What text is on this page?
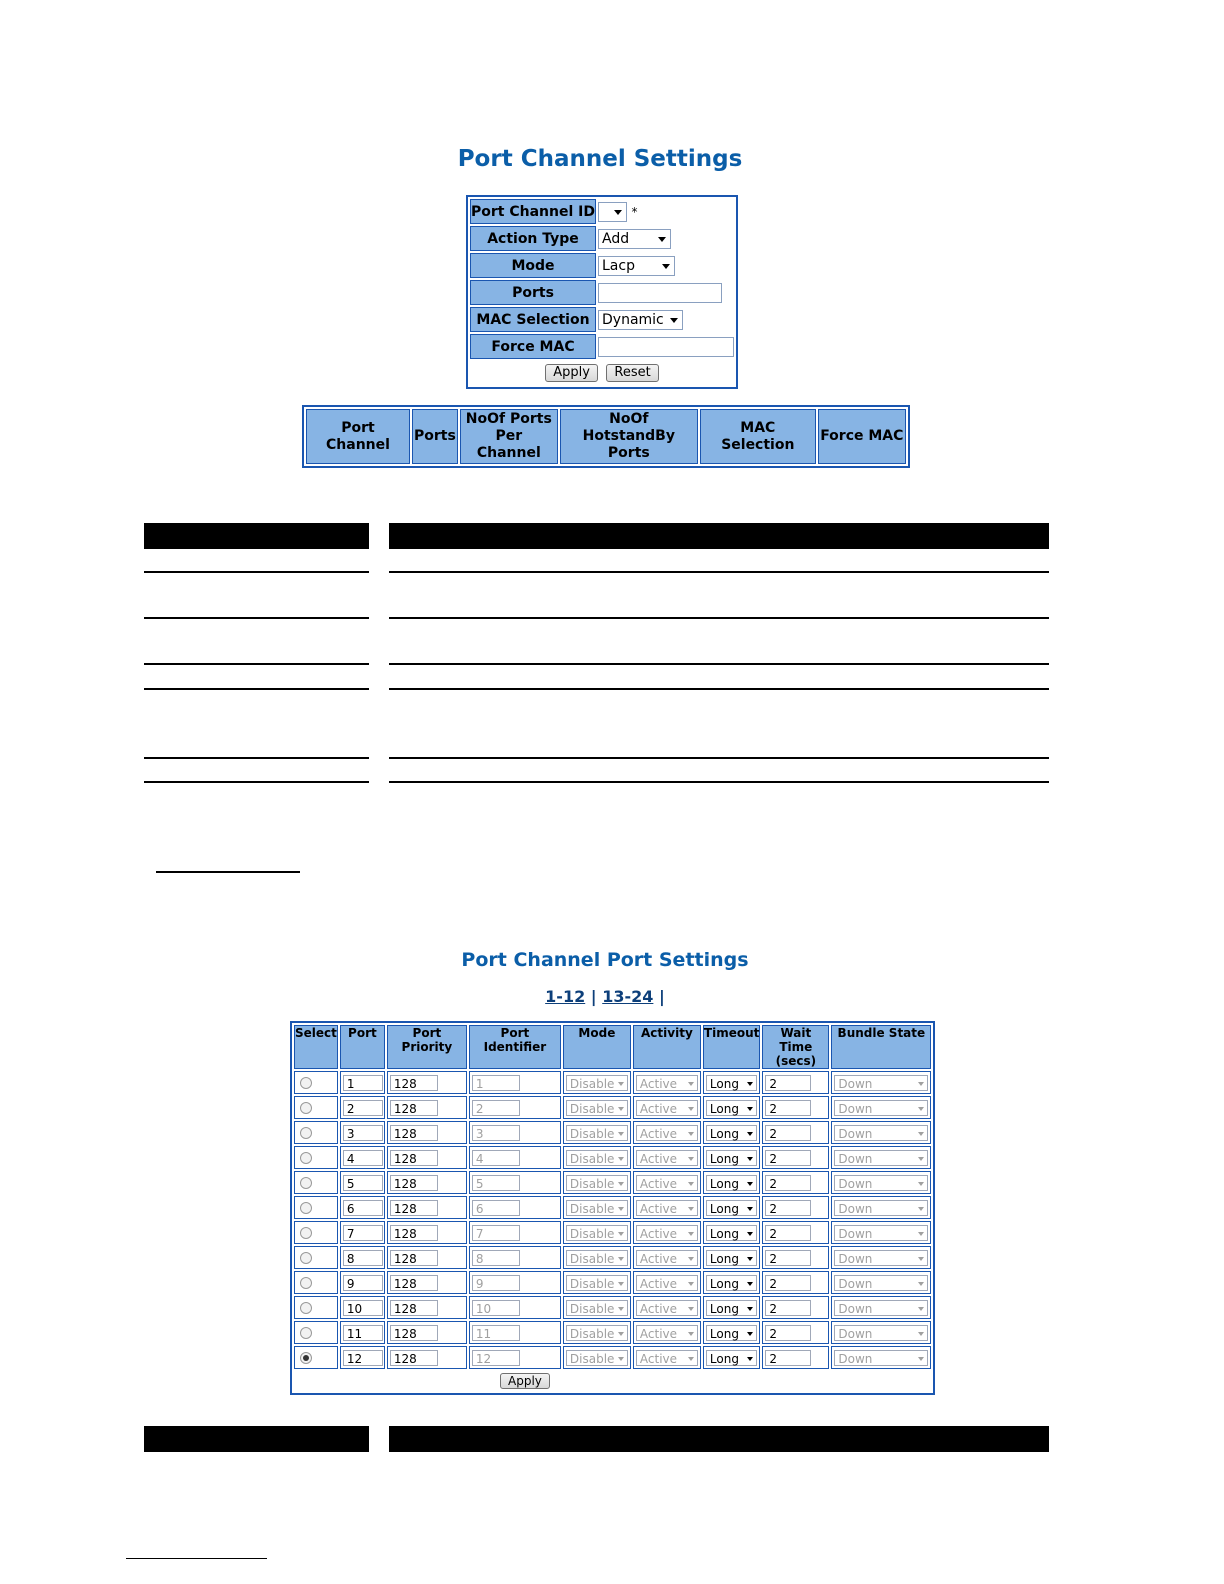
Port Channel Settings
Port Channel ID	*
Action Type	Add

Mode	Lacp

Ports	
MAC Selection	Dynamic

Force MAC	
Apply Reset	
Port Channel	Ports	NoOf Ports Per Channel	NoOf HotstandBy Ports	MAC Selection	Force MAC
Port Channel Port Settings
1-12 | 13-24 |
Select	Port	Port Priority	Port Identifier	Mode	Activity	Timeout	Wait Time (secs)	Bundle State
	1	128	1	Disable	Active	Long	2	Down

	2	128	2	Disable	Active	Long	2	Down

	3	128	3	Disable	Active	Long	2	Down

	4	128	4	Disable	Active	Long	2	Down

	5	128	5	Disable	Active	Long	2	Down

	6	128	6	Disable	Active	Long	2	Down

	7	128	7	Disable	Active	Long	2	Down

	8	128	8	Disable	Active	Long	2	Down

	9	128	9	Disable	Active	Long	2	Down

	10	128	10	Disable	Active	Long	2	Down

	11	128	11	Disable	Active	Long	2	Down

	12	128	12	Disable	Active	Long	2	Down

Apply								
